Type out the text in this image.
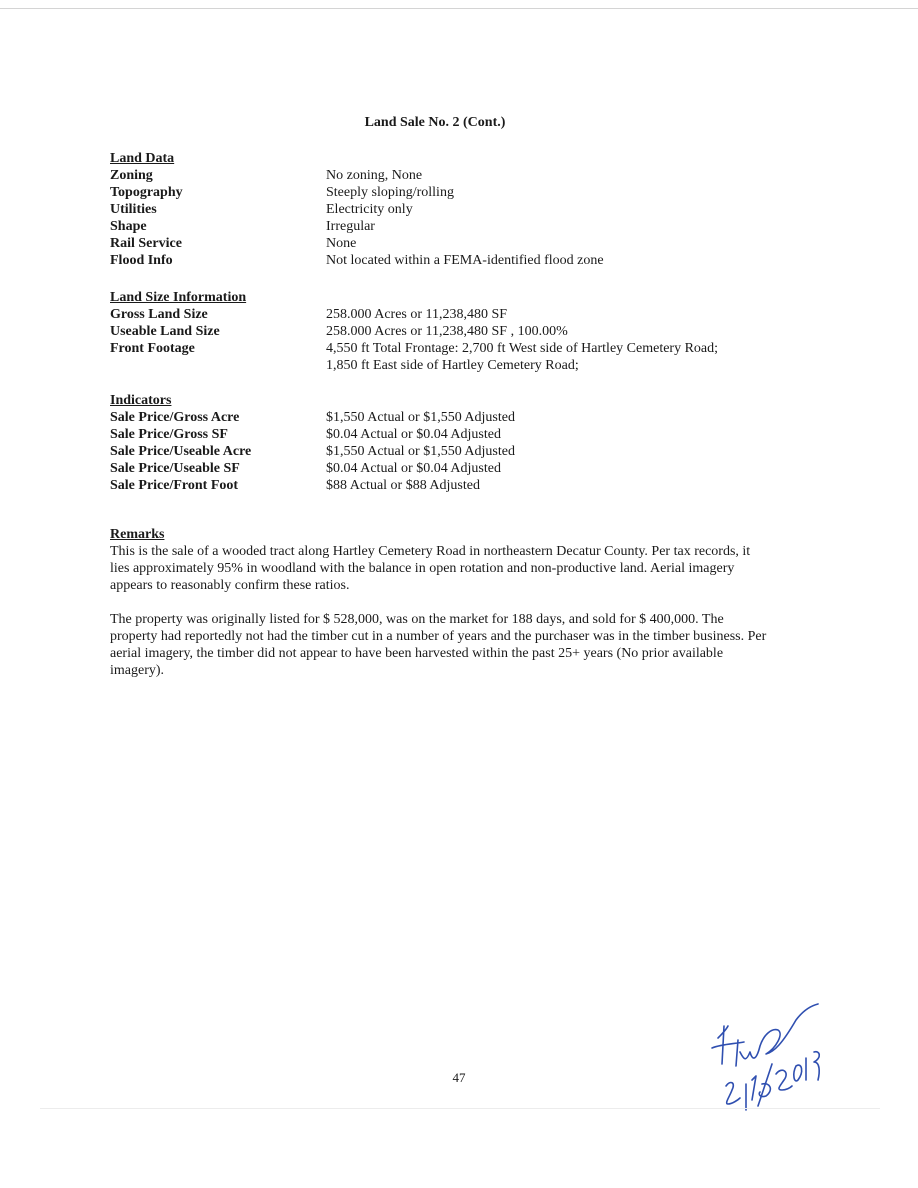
Land Sale No. 2 (Cont.)
Land Data
Zoning	No zoning, None
Topography	Steeply sloping/rolling
Utilities	Electricity only
Shape	Irregular
Rail Service	None
Flood Info	Not located within a FEMA-identified flood zone
Land Size Information
Gross Land Size	258.000 Acres or 11,238,480 SF
Useable Land Size	258.000 Acres or 11,238,480 SF , 100.00%
Front Footage	4,550 ft Total Frontage: 2,700 ft West side of Hartley Cemetery Road;
1,850 ft East side of Hartley Cemetery Road;
Indicators
Sale Price/Gross Acre	$1,550 Actual or $1,550 Adjusted
Sale Price/Gross SF	$0.04 Actual or $0.04 Adjusted
Sale Price/Useable Acre	$1,550 Actual or $1,550 Adjusted
Sale Price/Useable SF	$0.04 Actual or $0.04 Adjusted
Sale Price/Front Foot	$88 Actual or $88 Adjusted
Remarks

This is the sale of a wooded tract along Hartley Cemetery Road in northeastern Decatur County. Per tax records, it lies approximately 95% in woodland with the balance in open rotation and non-productive land. Aerial imagery appears to reasonably confirm these ratios.

The property was originally listed for $ 528,000, was on the market for 188 days, and sold for $ 400,000. The property had reportedly not had the timber cut in a number of years and the purchaser was in the timber business. Per aerial imagery, the timber did not appear to have been harvested within the past 25+ years (No prior available imagery).

47
